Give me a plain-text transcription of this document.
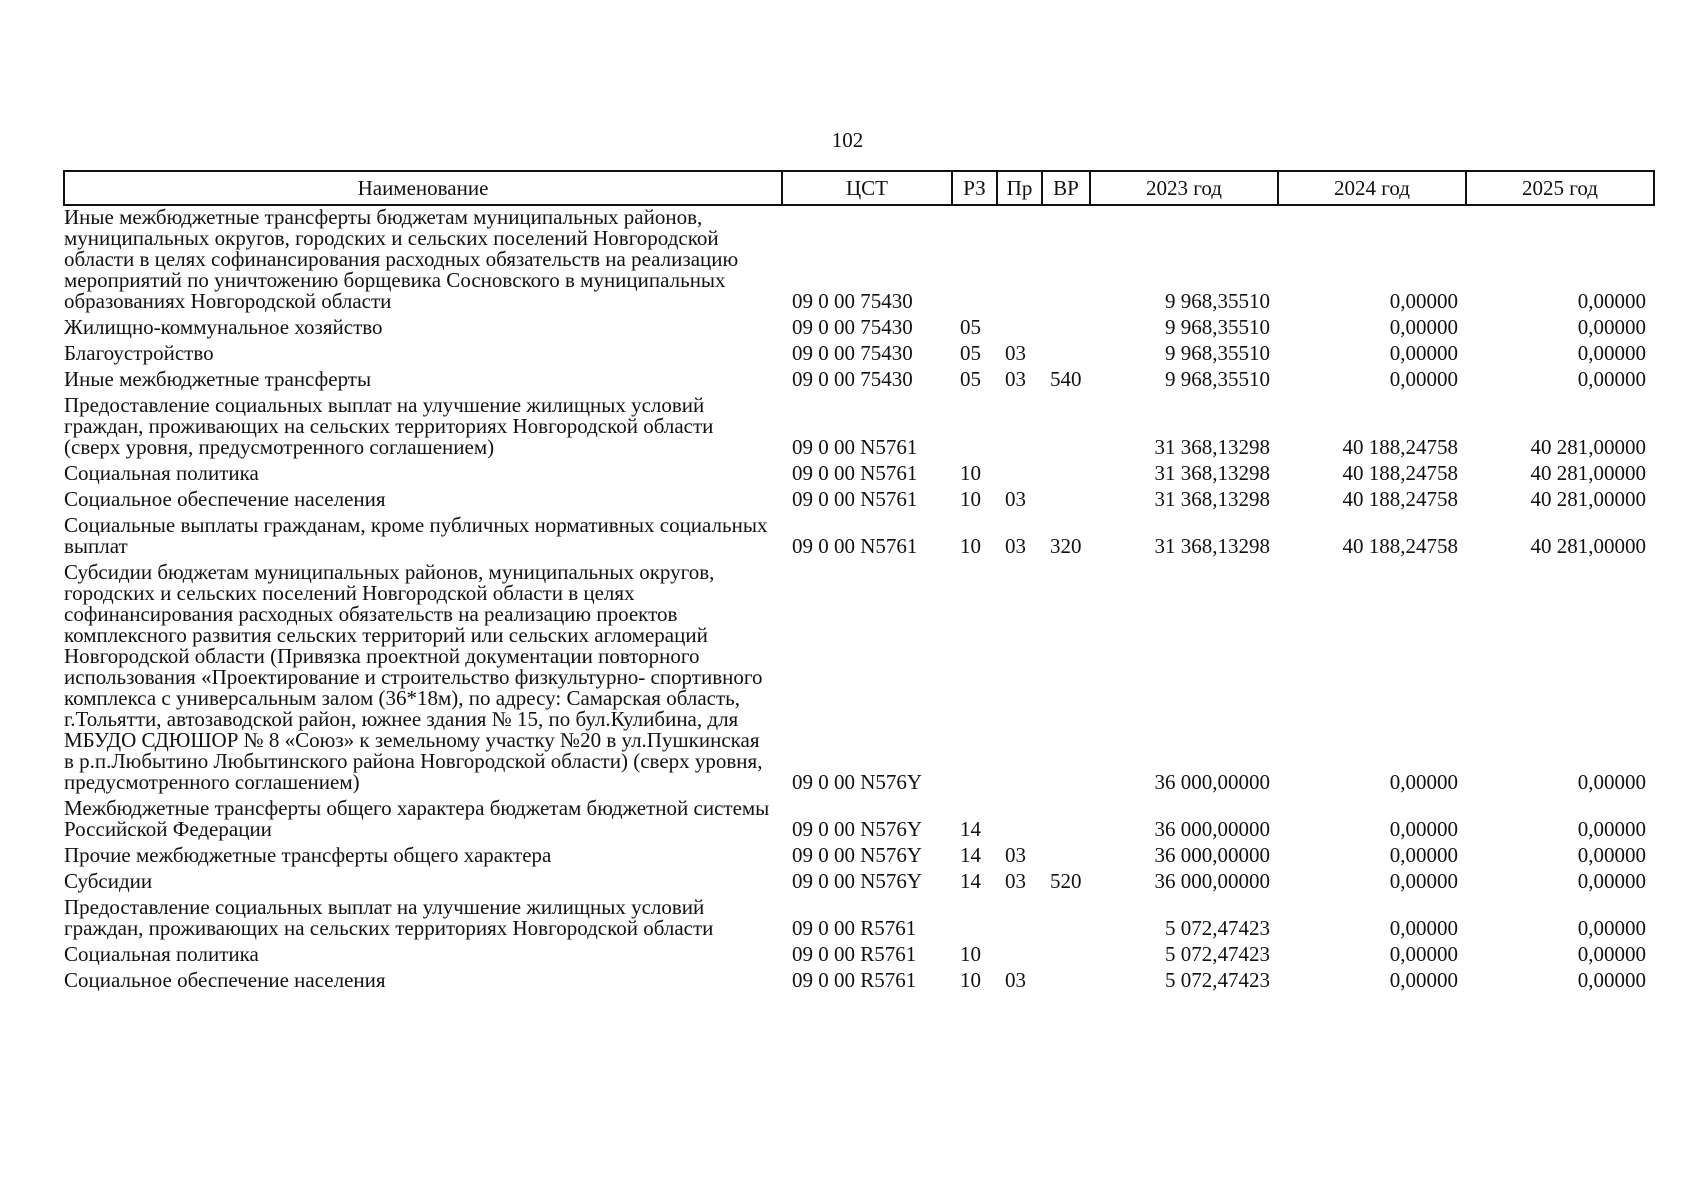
102
Наименование	ЦСТ	РЗ	Пр	ВР	2023 год	2024 год	2025 год
Иные межбюджетные трансферты бюджетам муниципальных районов, муниципальных округов, городских и сельских поселений Новгородской области в целях софинансирования расходных обязательств на реализацию мероприятий по уничтожению борщевика Сосновского в муниципальных образованиях Новгородской области	09 0 00 75430				9 968,35510	0,00000	0,00000
Жилищно-коммунальное хозяйство	09 0 00 75430	05			9 968,35510	0,00000	0,00000
Благоустройство	09 0 00 75430	05	03		9 968,35510	0,00000	0,00000
Иные межбюджетные трансферты	09 0 00 75430	05	03	540	9 968,35510	0,00000	0,00000
Предоставление социальных выплат на улучшение жилищных условий граждан, проживающих на сельских территориях Новгородской области (сверх уровня, предусмотренного соглашением)	09 0 00 N5761				31 368,13298	40 188,24758	40 281,00000
Социальная политика	09 0 00 N5761	10			31 368,13298	40 188,24758	40 281,00000
Социальное обеспечение населения	09 0 00 N5761	10	03		31 368,13298	40 188,24758	40 281,00000
Социальные выплаты гражданам, кроме публичных нормативных социальных выплат	09 0 00 N5761	10	03	320	31 368,13298	40 188,24758	40 281,00000
Субсидии бюджетам муниципальных районов, муниципальных округов, городских и сельских поселений Новгородской области в целях софинансирования расходных обязательств на реализацию проектов комплексного развития сельских территорий или сельских агломераций Новгородской области (Привязка проектной документации повторного использования «Проектирование и строительство физкультурно- спортивного комплекса с универсальным залом (36*18м), по адресу: Самарская область, г.Тольятти, автозаводской район, южнее здания № 15, по бул.Кулибина, для МБУДО СДЮШОР № 8 «Союз» к земельному участку №20 в ул.Пушкинская в р.п.Любытино Любытинского района Новгородской области) (сверх уровня, предусмотренного соглашением)	09 0 00 N576Y				36 000,00000	0,00000	0,00000
Межбюджетные трансферты общего характера бюджетам бюджетной системы Российской Федерации	09 0 00 N576Y	14			36 000,00000	0,00000	0,00000
Прочие межбюджетные трансферты общего характера	09 0 00 N576Y	14	03		36 000,00000	0,00000	0,00000
Субсидии	09 0 00 N576Y	14	03	520	36 000,00000	0,00000	0,00000
Предоставление социальных выплат на улучшение жилищных условий граждан, проживающих на сельских территориях Новгородской области	09 0 00 R5761				5 072,47423	0,00000	0,00000
Социальная политика	09 0 00 R5761	10			5 072,47423	0,00000	0,00000
Социальное обеспечение населения	09 0 00 R5761	10	03		5 072,47423	0,00000	0,00000
